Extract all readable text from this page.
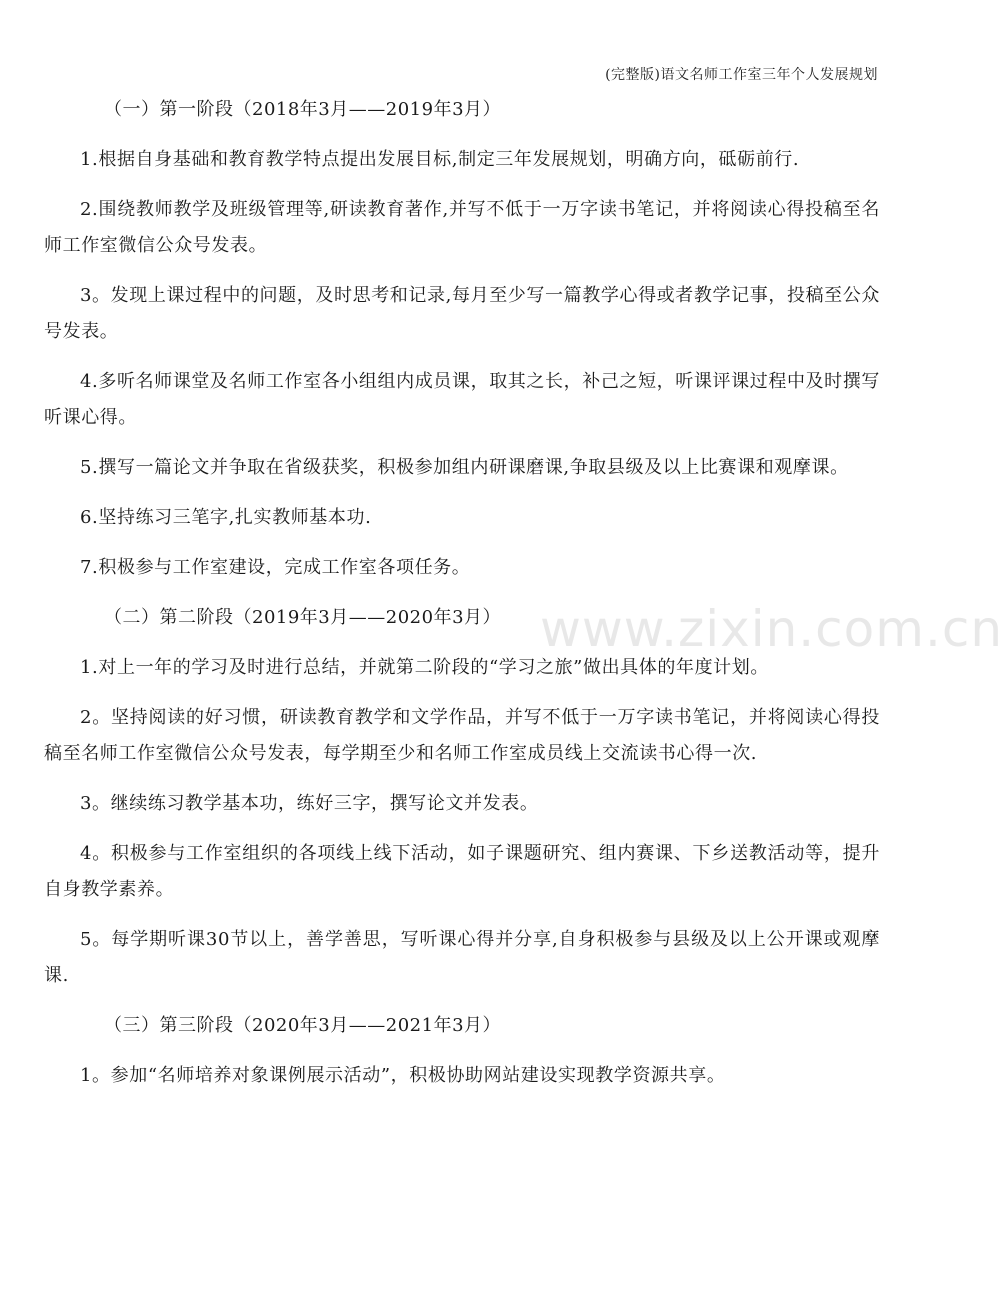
(完整版)语文名师工作室三年个人发展规划
www.zixin.com.cn

（一）第一阶段（2018年3月——2019年3月）

1.根据自身基础和教育教学特点提出发展目标,制定三年发展规划，明确方向，砥砺前行.

2.围绕教师教学及班级管理等,研读教育著作,并写不低于一万字读书笔记，并将阅读心得投稿至名师工作室微信公众号发表。

3。发现上课过程中的问题，及时思考和记录,每月至少写一篇教学心得或者教学记事，投稿至公众号发表。

4.多听名师课堂及名师工作室各小组组内成员课，取其之长，补己之短，听课评课过程中及时撰写听课心得。

5.撰写一篇论文并争取在省级获奖，积极参加组内研课磨课,争取县级及以上比赛课和观摩课。

6.坚持练习三笔字,扎实教师基本功.

7.积极参与工作室建设，完成工作室各项任务。

（二）第二阶段（2019年3月——2020年3月）

1.对上一年的学习及时进行总结，并就第二阶段的“学习之旅”做出具体的年度计划。

2。坚持阅读的好习惯，研读教育教学和文学作品，并写不低于一万字读书笔记，并将阅读心得投稿至名师工作室微信公众号发表，每学期至少和名师工作室成员线上交流读书心得一次.

3。继续练习教学基本功，练好三字，撰写论文并发表。

4。积极参与工作室组织的各项线上线下活动，如子课题研究、组内赛课、下乡送教活动等，提升自身教学素养。

5。每学期听课30节以上，善学善思，写听课心得并分享,自身积极参与县级及以上公开课或观摩课.

（三）第三阶段（2020年3月——2021年3月）

1。参加“名师培养对象课例展示活动”，积极协助网站建设实现教学资源共享。
